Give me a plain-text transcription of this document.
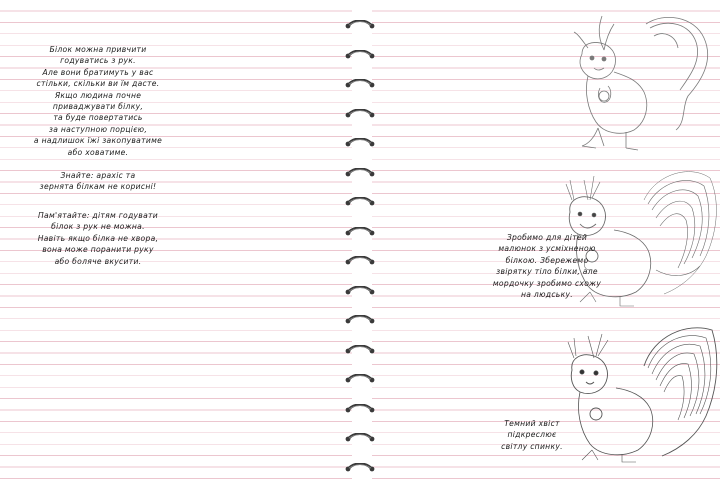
Білок можна привчити
годуватись з рук.
Але вони братимуть у вас
стільки, скільки ви їм дасте.
Якщо людина почне
приваджувати білку,
та буде повертатись
за наступною порцією,
а надлишок їжі закопуватиме
або ховатиме.
Знайте: арахіс та
зернята білкам не корисні!
Пам'ятайте: дітям годувати
білок з рук не можна.
Навіть якщо білка не хвора,
вона може поранити руку
або боляче вкусити.
Зробимо для дітей
малюнок з усміхненою
білкою. Збережемо
звірятку тіло білки, але
мордочку зробимо схожу
на людську.
Темний хвіст
підкреслює
світлу спинку.
